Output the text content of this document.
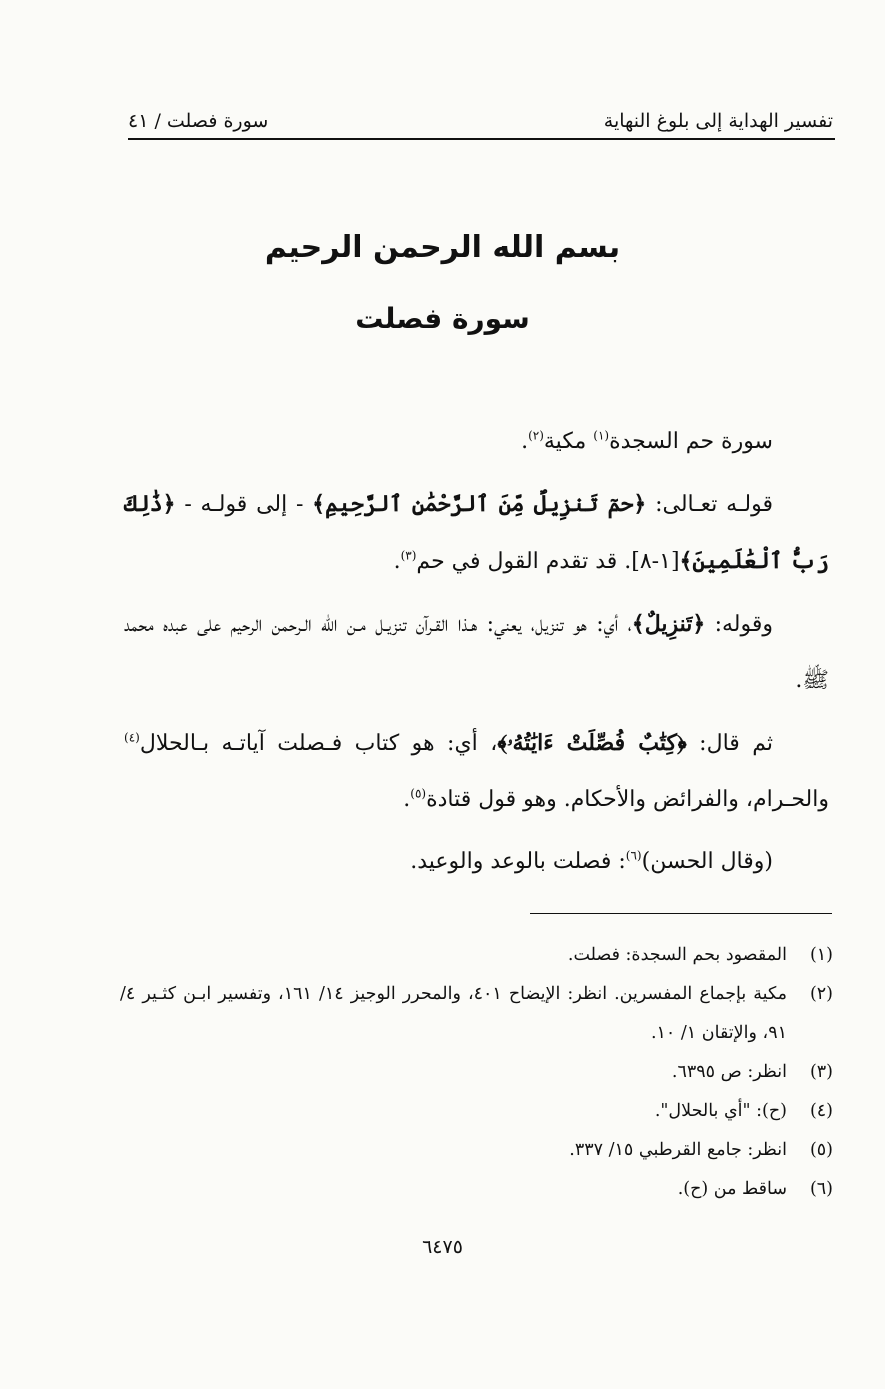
تفسير الهداية إلى بلوغ النهاية
سورة فصلت / ٤١
بسم الله الرحمن الرحيم
سورة فصلت

سورة حم السجدة$^{(١)}$ مكية$^{(٢)}$.

قولـه تعـالى: ﴿حمٓ تَنزِيلٌ مِّنَ ٱلرَّحْمَٰنِ ٱلرَّحِيمِ﴾ - إلى قولـه - ﴿ذَٰلِكَ رَبُّ ٱلْعَٰلَمِينَ﴾[١-٨]. قد تقدم القول في حم$^{(٣)}$.

وقوله: ﴿تَنزِيلٌ﴾، أي: هو تنزيل، يعني: هـذا القـرآن تنزيـل مـن الله الـرحمن الرحيم على عبده محمد ﷺ.

ثم قال: ﴿كِتَٰبٌ فُصِّلَتْ ءَايَٰتُهُۥ﴾، أي: هو كتاب فـصلت آياتـه بـالحلال$^{(٤)}$ والحـرام، والفرائض والأحكام. وهو قول قتادة$^{(٥)}$.

(وقال الحسن)$^{(٦)}$: فصلت بالوعد والوعيد.

(١)
المقصود بحم السجدة: فصلت.
(٢)
مكية بإجماع المفسرين. انظر: الإيضاح ٤٠١، والمحرر الوجيز ١٤/ ١٦١، وتفسير ابـن كثـير ٤/ ٩١، والإتقان ١/ ١٠.
(٣)
انظر: ص ٦٣٩٥.
(٤)
(ح): "أي بالحلال".
(٥)
انظر: جامع القرطبي ١٥/ ٣٣٧.
(٦)
ساقط من (ح).
٦٤٧٥
